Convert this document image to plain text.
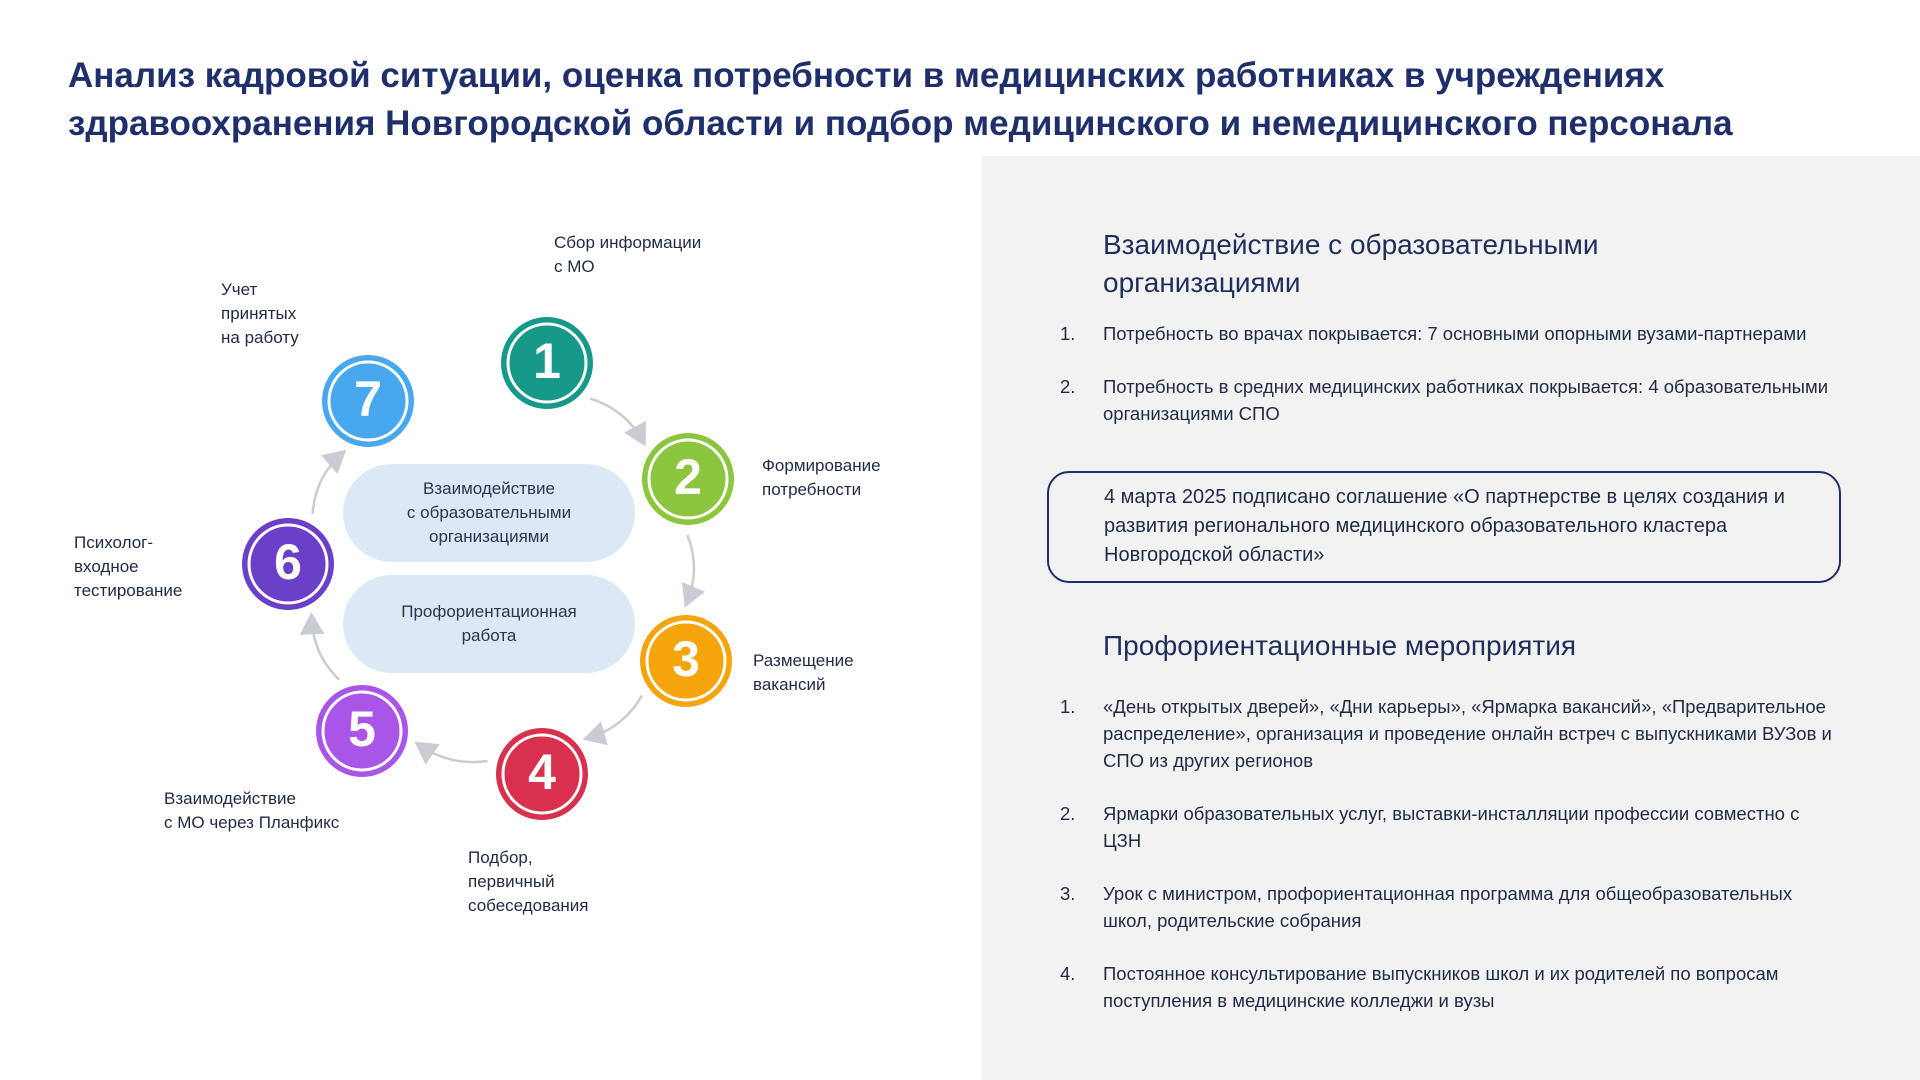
Анализ кадровой ситуации, оценка потребности в медицинских работниках в учреждениях
здравоохранения Новгородской области и подбор медицинского и немедицинского персонала
1
2
3
4
5
6
7
Сбор информации
с МО
Формирование
потребности
Размещение
вакансий
Подбор,
первичный
собеседования
Взаимодействие
с МО через Планфикс
Психолог-
входное
тестирование
Учет
принятых
на работу
Взаимодействие
с образовательными
организациями
Профориентационная
работа
Взаимодействие с образовательными
организациями
1. Потребность во врачах покрывается: 7 основными опорными вузами-партнерами
2. Потребность в средних медицинских работниках покрывается: 4 образовательными организациями СПО
4 марта 2025 подписано соглашение «О партнерстве в целях создания и развития регионального медицинского образовательного кластера Новгородской области»
Профориентационные мероприятия
1. «День открытых дверей», «Дни карьеры», «Ярмарка вакансий», «Предварительное распределение», организация и проведение онлайн встреч с выпускниками ВУЗов и СПО из других регионов
2. Ярмарки образовательных услуг, выставки-инсталляции профессии совместно с ЦЗН
3. Урок с министром, профориентационная программа для общеобразовательных школ, родительские собрания
4. Постоянное консультирование выпускников школ и их родителей по вопросам поступления в медицинские колледжи и вузы
